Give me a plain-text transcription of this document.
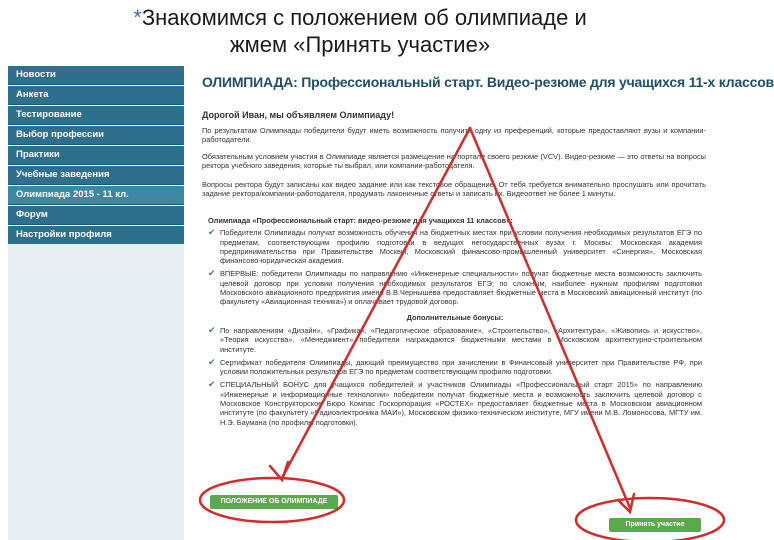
*Знакомимся с положением об олимпиаде и
жмем «Принять участие»
Новости
Анкета
Тестирование
Выбор профессии
Практики
Учебные заведения
Олимпиада 2015 - 11 кл.
Форум
Настройки профиля
ОЛИМПИАДА: Профессиональный старт. Видео-резюме для учащихся 11-х классов
Дорогой Иван, мы объявляем Олимпиаду!
По результатам Олимпиады победители будут иметь возможность получить одну из преференций, которые предоставляют вузы и компании-работодатели.
Обязательным условием участия в Олимпиаде является размещение на портале своего резюме (VCV). Видео-резюме — это ответы на вопросы ректора учебного заведения, которые ты выбрал, или компании-работодателя.
Вопросы ректора будут записаны как видео задание или как текстовое обращение. От тебя требуется внимательно прослушать или прочитать задание ректора/компании-работодателя, продумать лаконичные ответы и записать их. Видеоответ не более 1 минуты.
Олимпиада «Профессиональный старт: видео-резюме для учащихся 11 классов»:
✔ Победители Олимпиады получат возможность обучения на бюджетных местах при условии получения необходимых результатов ЕГЭ по предметам, соответствующим профилю подготовки в ведущих негосударственных вузах г. Москвы: Московская академия предпринимательства при Правительстве Москвы, Московский финансово-промышленный университет «Синергия», Московская финансово-юридическая академия.
✔ ВПЕРВЫЕ: победители Олимпиады по направлению «Инженерные специальности» получат бюджетные места возможность заключить целевой договор при условии получения необходимых результатов ЕГЭ; по сложным, наиболее нужным профилям подготовки Московского авиационного предприятия имени В.В.Чернышева предоставляет бюджетные места в Московский авиационный институт (по факультету «Авиационная техника») и оплачивает трудовой договор.
Дополнительные бонусы:
✔ По направлениям «Дизайн», «Графика», «Педагогическое образование», «Строительство», «Архитектура», «Живопись и искусство», «Теория искусства», «Менеджмент» победители награждаются бюджетными местами в Московском архитектурно-строительном институте.
✔ Сертификат победителя Олимпиады, дающий преимущество при зачислении в Финансовый университет при Правительстве РФ, при условии положительных результатов ЕГЭ по предметам соответствующим профилю подготовки.
✔ СПЕЦИАЛЬНЫЙ БОНУС для учащихся победителей и участников Олимпиады «Профессиональный старт 2015» по направлению «Инженерные и информационные технологии» победители получат бюджетные места и возможность заключить целевой договор с Московское Конструкторское Бюро Компас Госкорпорация «РОСТЕХ» предоставляет бюджетные места в Московском авиационном институте (по факультету «Радиоэлектроника МАИ»), Московском физико-техническом институте, МГУ имени М.В. Ломоносова, МГТУ им. Н.Э. Баумана (по профилю подготовки).
ПОЛОЖЕНИЕ ОБ ОЛИМПИАДЕ
Принять участие
